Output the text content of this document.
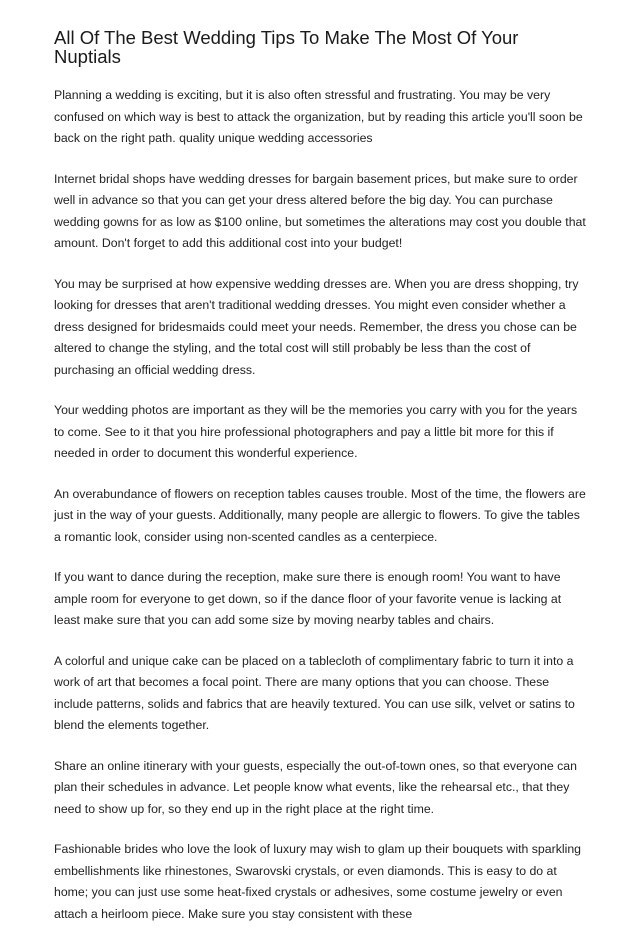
All Of The Best Wedding Tips To Make The Most Of Your Nuptials

Planning a wedding is exciting, but it is also often stressful and frustrating. You may be very confused on which way is best to attack the organization, but by reading this article you'll soon be back on the right path. quality unique wedding accessories

Internet bridal shops have wedding dresses for bargain basement prices, but make sure to order well in advance so that you can get your dress altered before the big day. You can purchase wedding gowns for as low as $100 online, but sometimes the alterations may cost you double that amount. Don't forget to add this additional cost into your budget!

You may be surprised at how expensive wedding dresses are. When you are dress shopping, try looking for dresses that aren't traditional wedding dresses. You might even consider whether a dress designed for bridesmaids could meet your needs. Remember, the dress you chose can be altered to change the styling, and the total cost will still probably be less than the cost of purchasing an official wedding dress.

Your wedding photos are important as they will be the memories you carry with you for the years to come. See to it that you hire professional photographers and pay a little bit more for this if needed in order to document this wonderful experience.

An overabundance of flowers on reception tables causes trouble. Most of the time, the flowers are just in the way of your guests. Additionally, many people are allergic to flowers. To give the tables a romantic look, consider using non-scented candles as a centerpiece.

If you want to dance during the reception, make sure there is enough room! You want to have ample room for everyone to get down, so if the dance floor of your favorite venue is lacking at least make sure that you can add some size by moving nearby tables and chairs.

A colorful and unique cake can be placed on a tablecloth of complimentary fabric to turn it into a work of art that becomes a focal point. There are many options that you can choose. These include patterns, solids and fabrics that are heavily textured. You can use silk, velvet or satins to blend the elements together.

Share an online itinerary with your guests, especially the out-of-town ones, so that everyone can plan their schedules in advance. Let people know what events, like the rehearsal etc., that they need to show up for, so they end up in the right place at the right time.

Fashionable brides who love the look of luxury may wish to glam up their bouquets with sparkling embellishments like rhinestones, Swarovski crystals, or even diamonds. This is easy to do at home; you can just use some heat-fixed crystals or adhesives, some costume jewelry or even attach a heirloom piece. Make sure you stay consistent with these
